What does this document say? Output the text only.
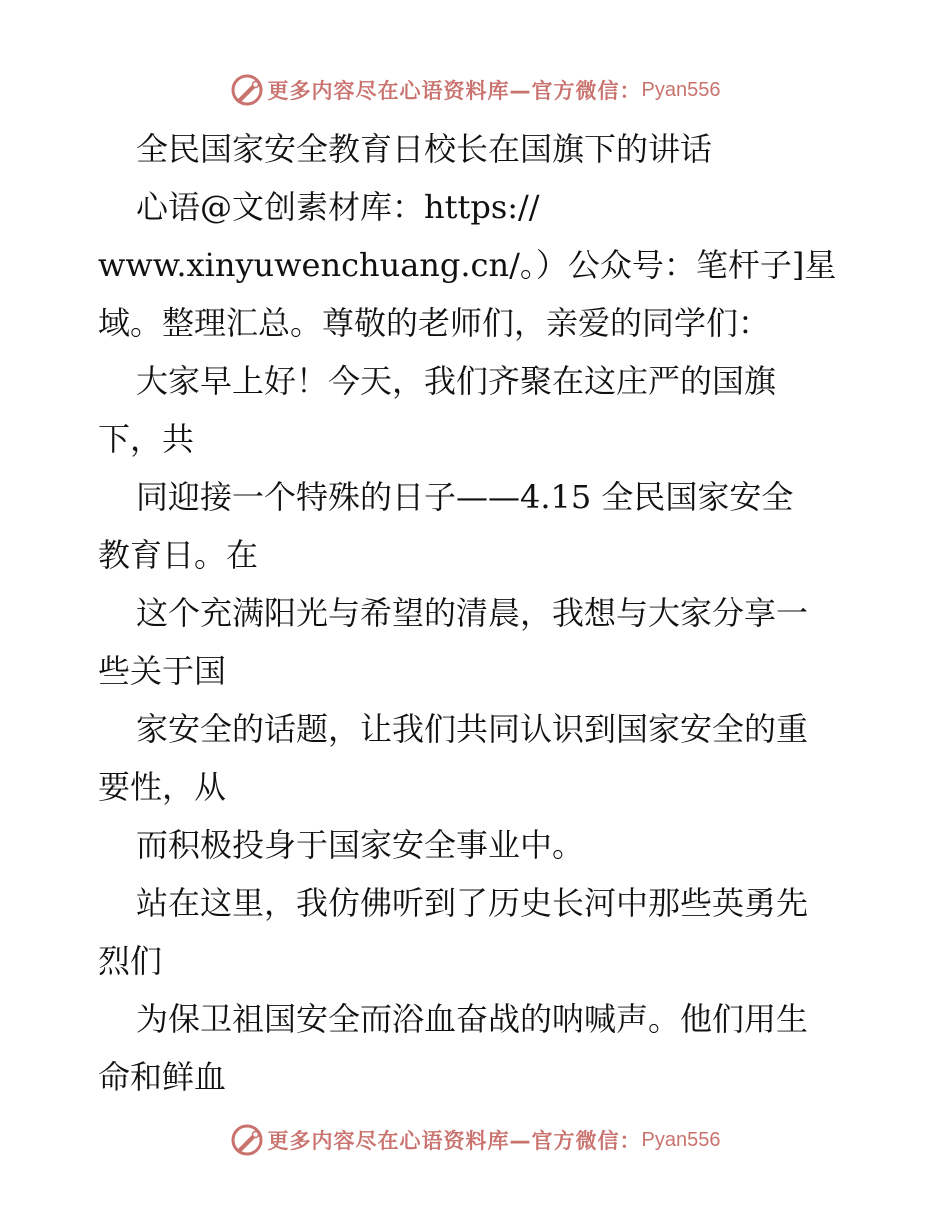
更多内容尽在心语资料库—官方微信： Pyan556
全民国家安全教育日校长在国旗下的讲话
心语@文创素材库：https://
www.xinyuwenchuang.cn/。）公众号：笔杆子]星
域。整理汇总。尊敬的老师们，亲爱的同学们：
大家早上好！今天，我们齐聚在这庄严的国旗
下，共
同迎接一个特殊的日子——4.15 全民国家安全
教育日。在
这个充满阳光与希望的清晨，我想与大家分享一
些关于国
家安全的话题，让我们共同认识到国家安全的重
要性，从
而积极投身于国家安全事业中。
站在这里，我仿佛听到了历史长河中那些英勇先
烈们
为保卫祖国安全而浴血奋战的呐喊声。他们用生
命和鲜血
更多内容尽在心语资料库—官方微信： Pyan556
